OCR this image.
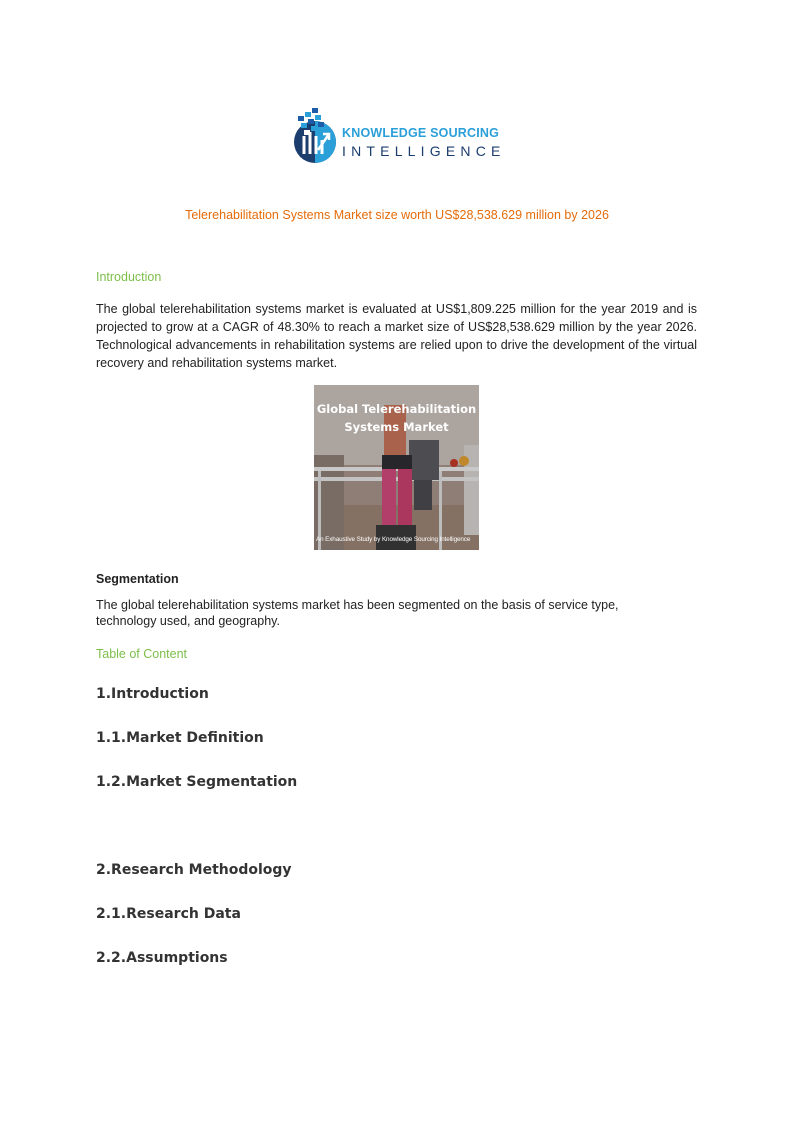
KNOWLEDGE SOURCING
INTELLIGENCE
Telerehabilitation Systems Market size worth US$28,538.629 million by 2026
Introduction

The global telerehabilitation systems market is evaluated at US$1,809.225 million for the year 2019 and is projected to grow at a CAGR of 48.30% to reach a market size of US$28,538.629 million by the year 2026. Technological advancements in rehabilitation systems are relied upon to drive the development of the virtual recovery and rehabilitation systems market.

Global Telerehabilitation Systems Market
An Exhaustive Study by Knowledge Sourcing Intelligence
Segmentation

The global telerehabilitation systems market has been segmented on the basis of service type, technology used, and geography.

Table of Content
1.Introduction
1.1.Market Definition
1.2.Market Segmentation
2.Research Methodology
2.1.Research Data
2.2.Assumptions
